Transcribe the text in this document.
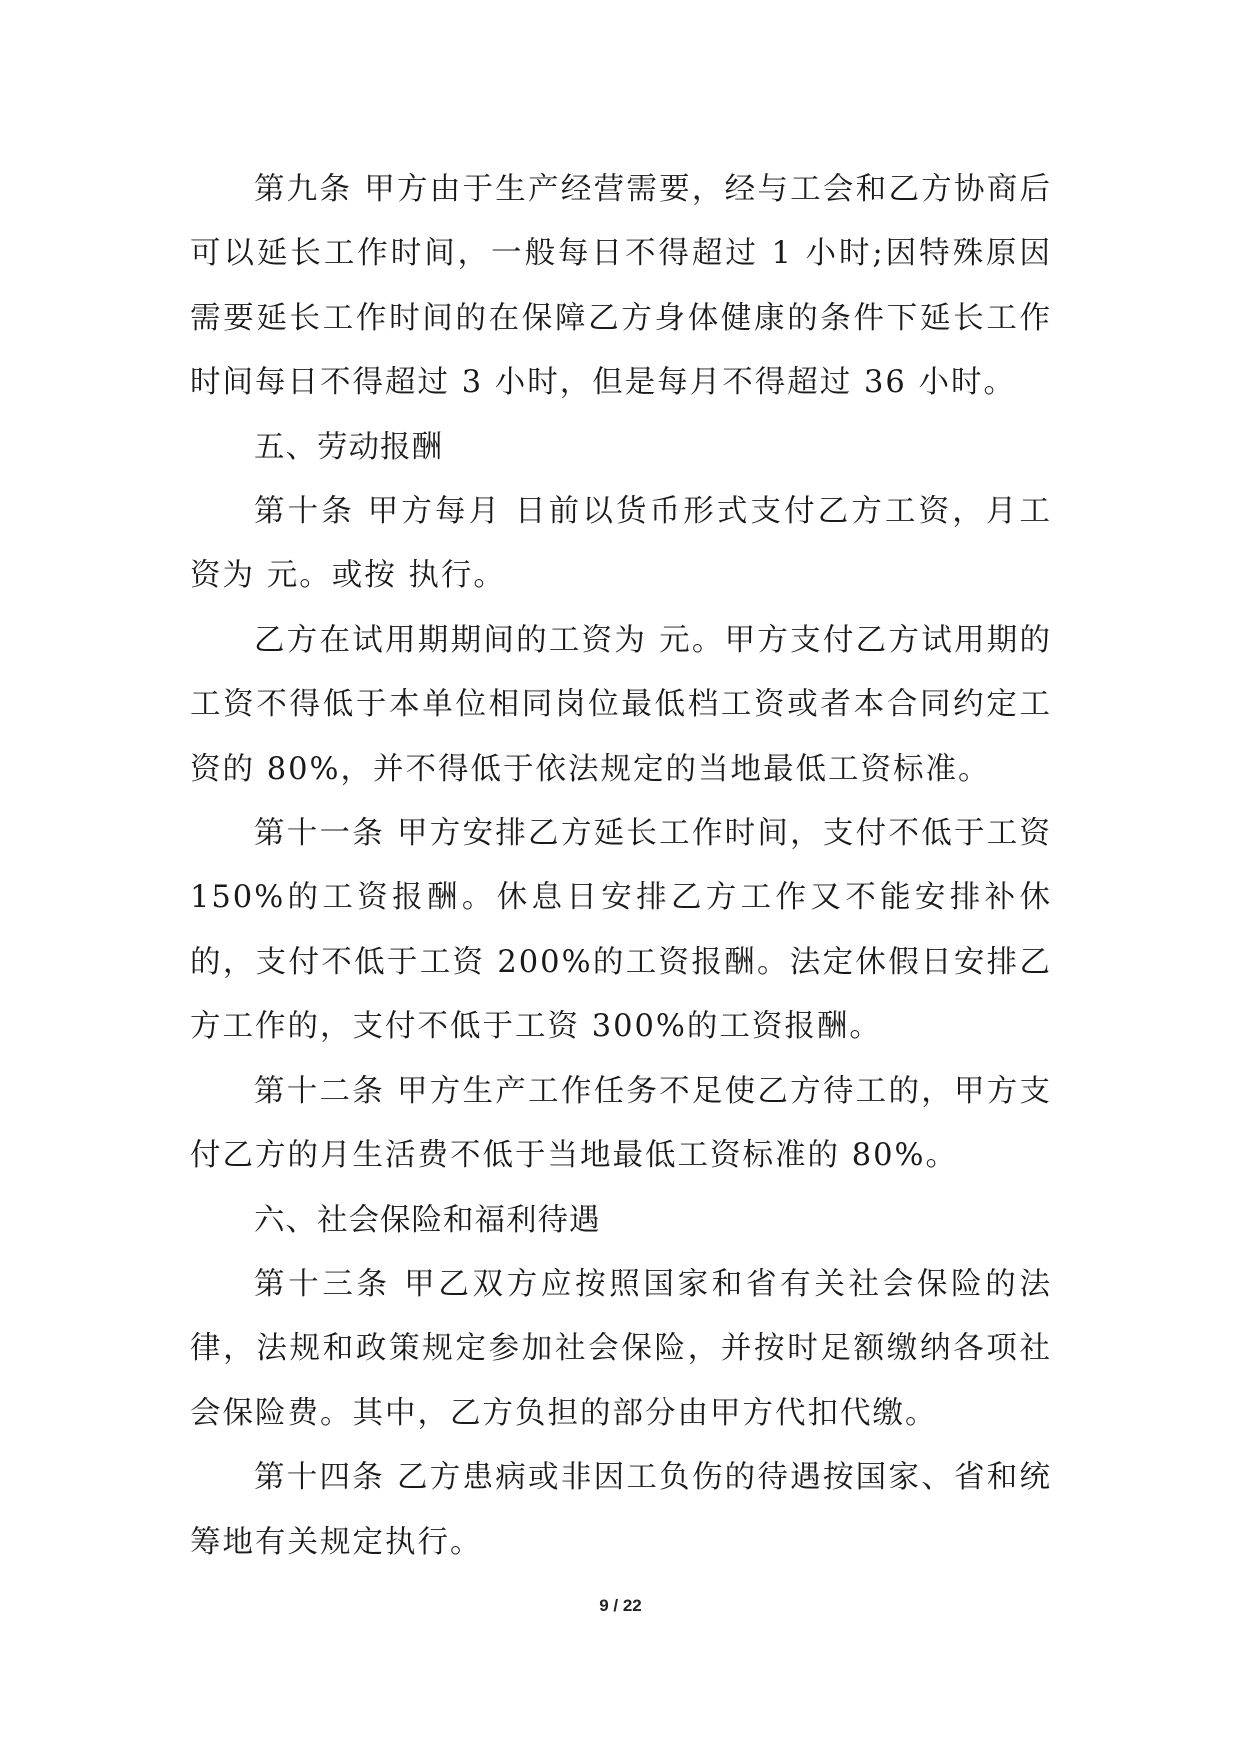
第九条 甲方由于生产经营需要，经与工会和乙方协商后可以延长工作时间，一般每日不得超过 1 小时;因特殊原因需要延长工作时间的在保障乙方身体健康的条件下延长工作时间每日不得超过 3 小时，但是每月不得超过 36 小时。

五、劳动报酬

第十条 甲方每月 日前以货币形式支付乙方工资，月工资为 元。或按 执行。

乙方在试用期期间的工资为 元。甲方支付乙方试用期的工资不得低于本单位相同岗位最低档工资或者本合同约定工资的 80%，并不得低于依法规定的当地最低工资标准。

第十一条 甲方安排乙方延长工作时间，支付不低于工资 150%的工资报酬。休息日安排乙方工作又不能安排补休的，支付不低于工资 200%的工资报酬。法定休假日安排乙方工作的，支付不低于工资 300%的工资报酬。

第十二条 甲方生产工作任务不足使乙方待工的，甲方支付乙方的月生活费不低于当地最低工资标准的 80%。

六、社会保险和福利待遇

第十三条 甲乙双方应按照国家和省有关社会保险的法律，法规和政策规定参加社会保险，并按时足额缴纳各项社会保险费。其中，乙方负担的部分由甲方代扣代缴。

第十四条 乙方患病或非因工负伤的待遇按国家、省和统筹地有关规定执行。

9 / 22
